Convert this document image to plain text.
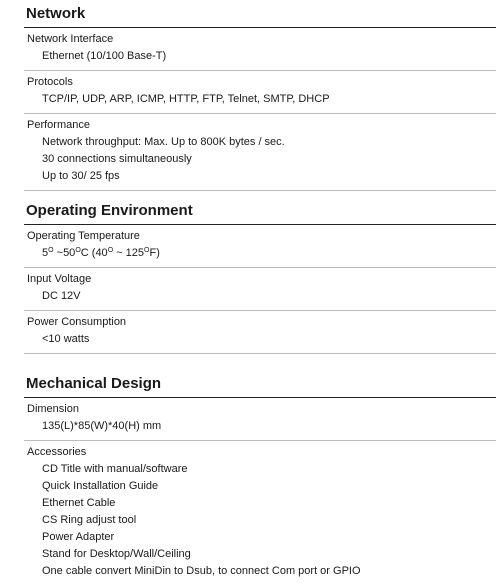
Network

Network Interface

Ethernet (10/100 Base-T)

Protocols

TCP/IP, UDP, ARP, ICMP, HTTP, FTP, Telnet, SMTP, DHCP

Performance

Network throughput: Max. Up to 800K bytes / sec.

30 connections simultaneously

Up to 30/ 25 fps

Operating Environment

Operating Temperature

$5^O$ $\sim 50^OC$ ($40^O$ ~ $125^OF$)

Input Voltage

DC 12V

Power Consumption

<10 watts

Mechanical Design

Dimension

135(L)*85(W)*40(H) mm

Accessories

CD Title with manual/software

Quick Installation Guide

Ethernet Cable

CS Ring adjust tool

Power Adapter

Stand for Desktop/Wall/Ceiling

One cable convert MiniDin to Dsub, to connect Com port or GPIO
